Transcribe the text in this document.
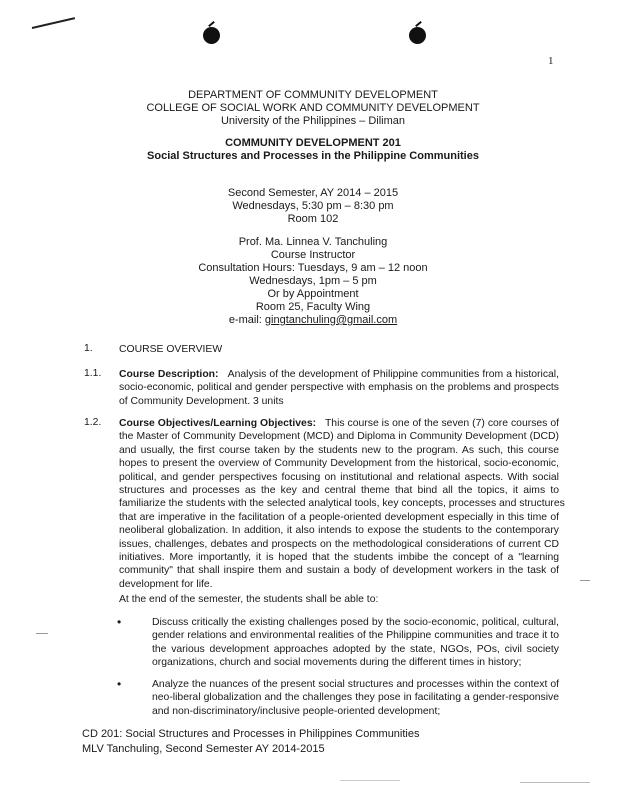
1
DEPARTMENT OF COMMUNITY DEVELOPMENT
COLLEGE OF SOCIAL WORK AND COMMUNITY DEVELOPMENT
University of the Philippines – Diliman
COMMUNITY DEVELOPMENT 201
Social Structures and Processes in the Philippine Communities
Second Semester, AY 2014 – 2015
Wednesdays, 5:30 pm – 8:30 pm
Room 102
Prof. Ma. Linnea V. Tanchuling
Course Instructor
Consultation Hours: Tuesdays, 9 am – 12 noon
Wednesdays, 1pm – 5 pm
Or by Appointment
Room 25, Faculty Wing
e-mail: gingtanchuling@gmail.com
1.	COURSE OVERVIEW
1.1. Course Description: Analysis of the development of Philippine communities from a historical,
socio-economic, political and gender perspective with emphasis on the problems and prospects
of Community Development. 3 units
1.2. Course Objectives/Learning Objectives: This course is one of the seven (7) core courses of
the Master of Community Development (MCD) and Diploma in Community Development (DCD)
and usually, the first course taken by the students new to the program. As such, this course
hopes to present the overview of Community Development from the historical, socio-economic,
political, and gender perspectives focusing on institutional and relational aspects. With social
structures and processes as the key and central theme that bind all the topics, it aims to
familiarize the students with the selected analytical tools, key concepts, processes and structures
that are imperative in the facilitation of a people-oriented development especially in this time of
neoliberal globalization. In addition, it also intends to expose the students to the contemporary
issues, challenges, debates and prospects on the methodological considerations of current CD
initiatives. More importantly, it is hoped that the students imbibe the concept of a "learning
community" that shall inspire them and sustain a body of development workers in the task of
development for life.
At the end of the semester, the students shall be able to:
•	Discuss critically the existing challenges posed by the socio-economic, political, cultural,
gender relations and environmental realities of the Philippine communities and trace it to
the various development approaches adopted by the state, NGOs, POs, civil society
organizations, church and social movements during the different times in history;
•	Analyze the nuances of the present social structures and processes within the context of
neo-liberal globalization and the challenges they pose in facilitating a gender-responsive
and non-discriminatory/inclusive people-oriented development;
CD 201: Social Structures and Processes in Philippines Communities
MLV Tanchuling, Second Semester AY 2014-2015
